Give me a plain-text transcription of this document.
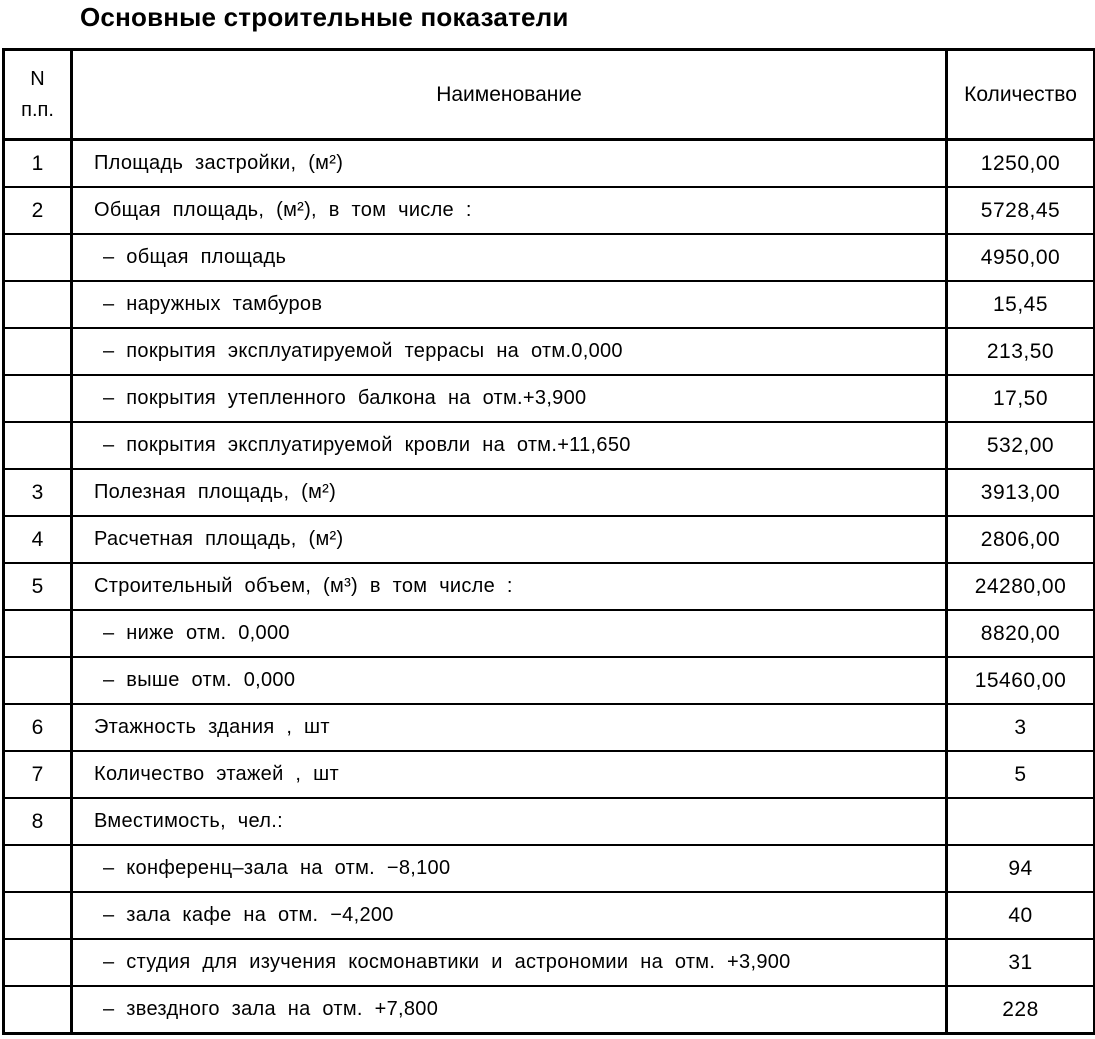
Основные строительные показатели
N
п.п.	Наименование	Количество
1	Площадь застройки, (м²)	1250,00
2	Общая площадь, (м²), в том числе :	5728,45
	– общая площадь	4950,00
	– наружных тамбуров	15,45
	– покрытия эксплуатируемой террасы на отм.0,000	213,50
	– покрытия утепленного балкона на отм.+3,900	17,50
	– покрытия эксплуатируемой кровли на отм.+11,650	532,00
3	Полезная площадь, (м²)	3913,00
4	Расчетная площадь, (м²)	2806,00
5	Строительный объем, (м³) в том числе :	24280,00
	– ниже отм. 0,000	8820,00
	– выше отм. 0,000	15460,00
6	Этажность здания , шт	3
7	Количество этажей , шт	5
8	Вместимость, чел.:	
	– конференц–зала на отм. −8,100	94
	– зала кафе на отм. −4,200	40
	– студия для изучения космонавтики и астрономии на отм. +3,900	31
	– звездного зала на отм. +7,800	228
